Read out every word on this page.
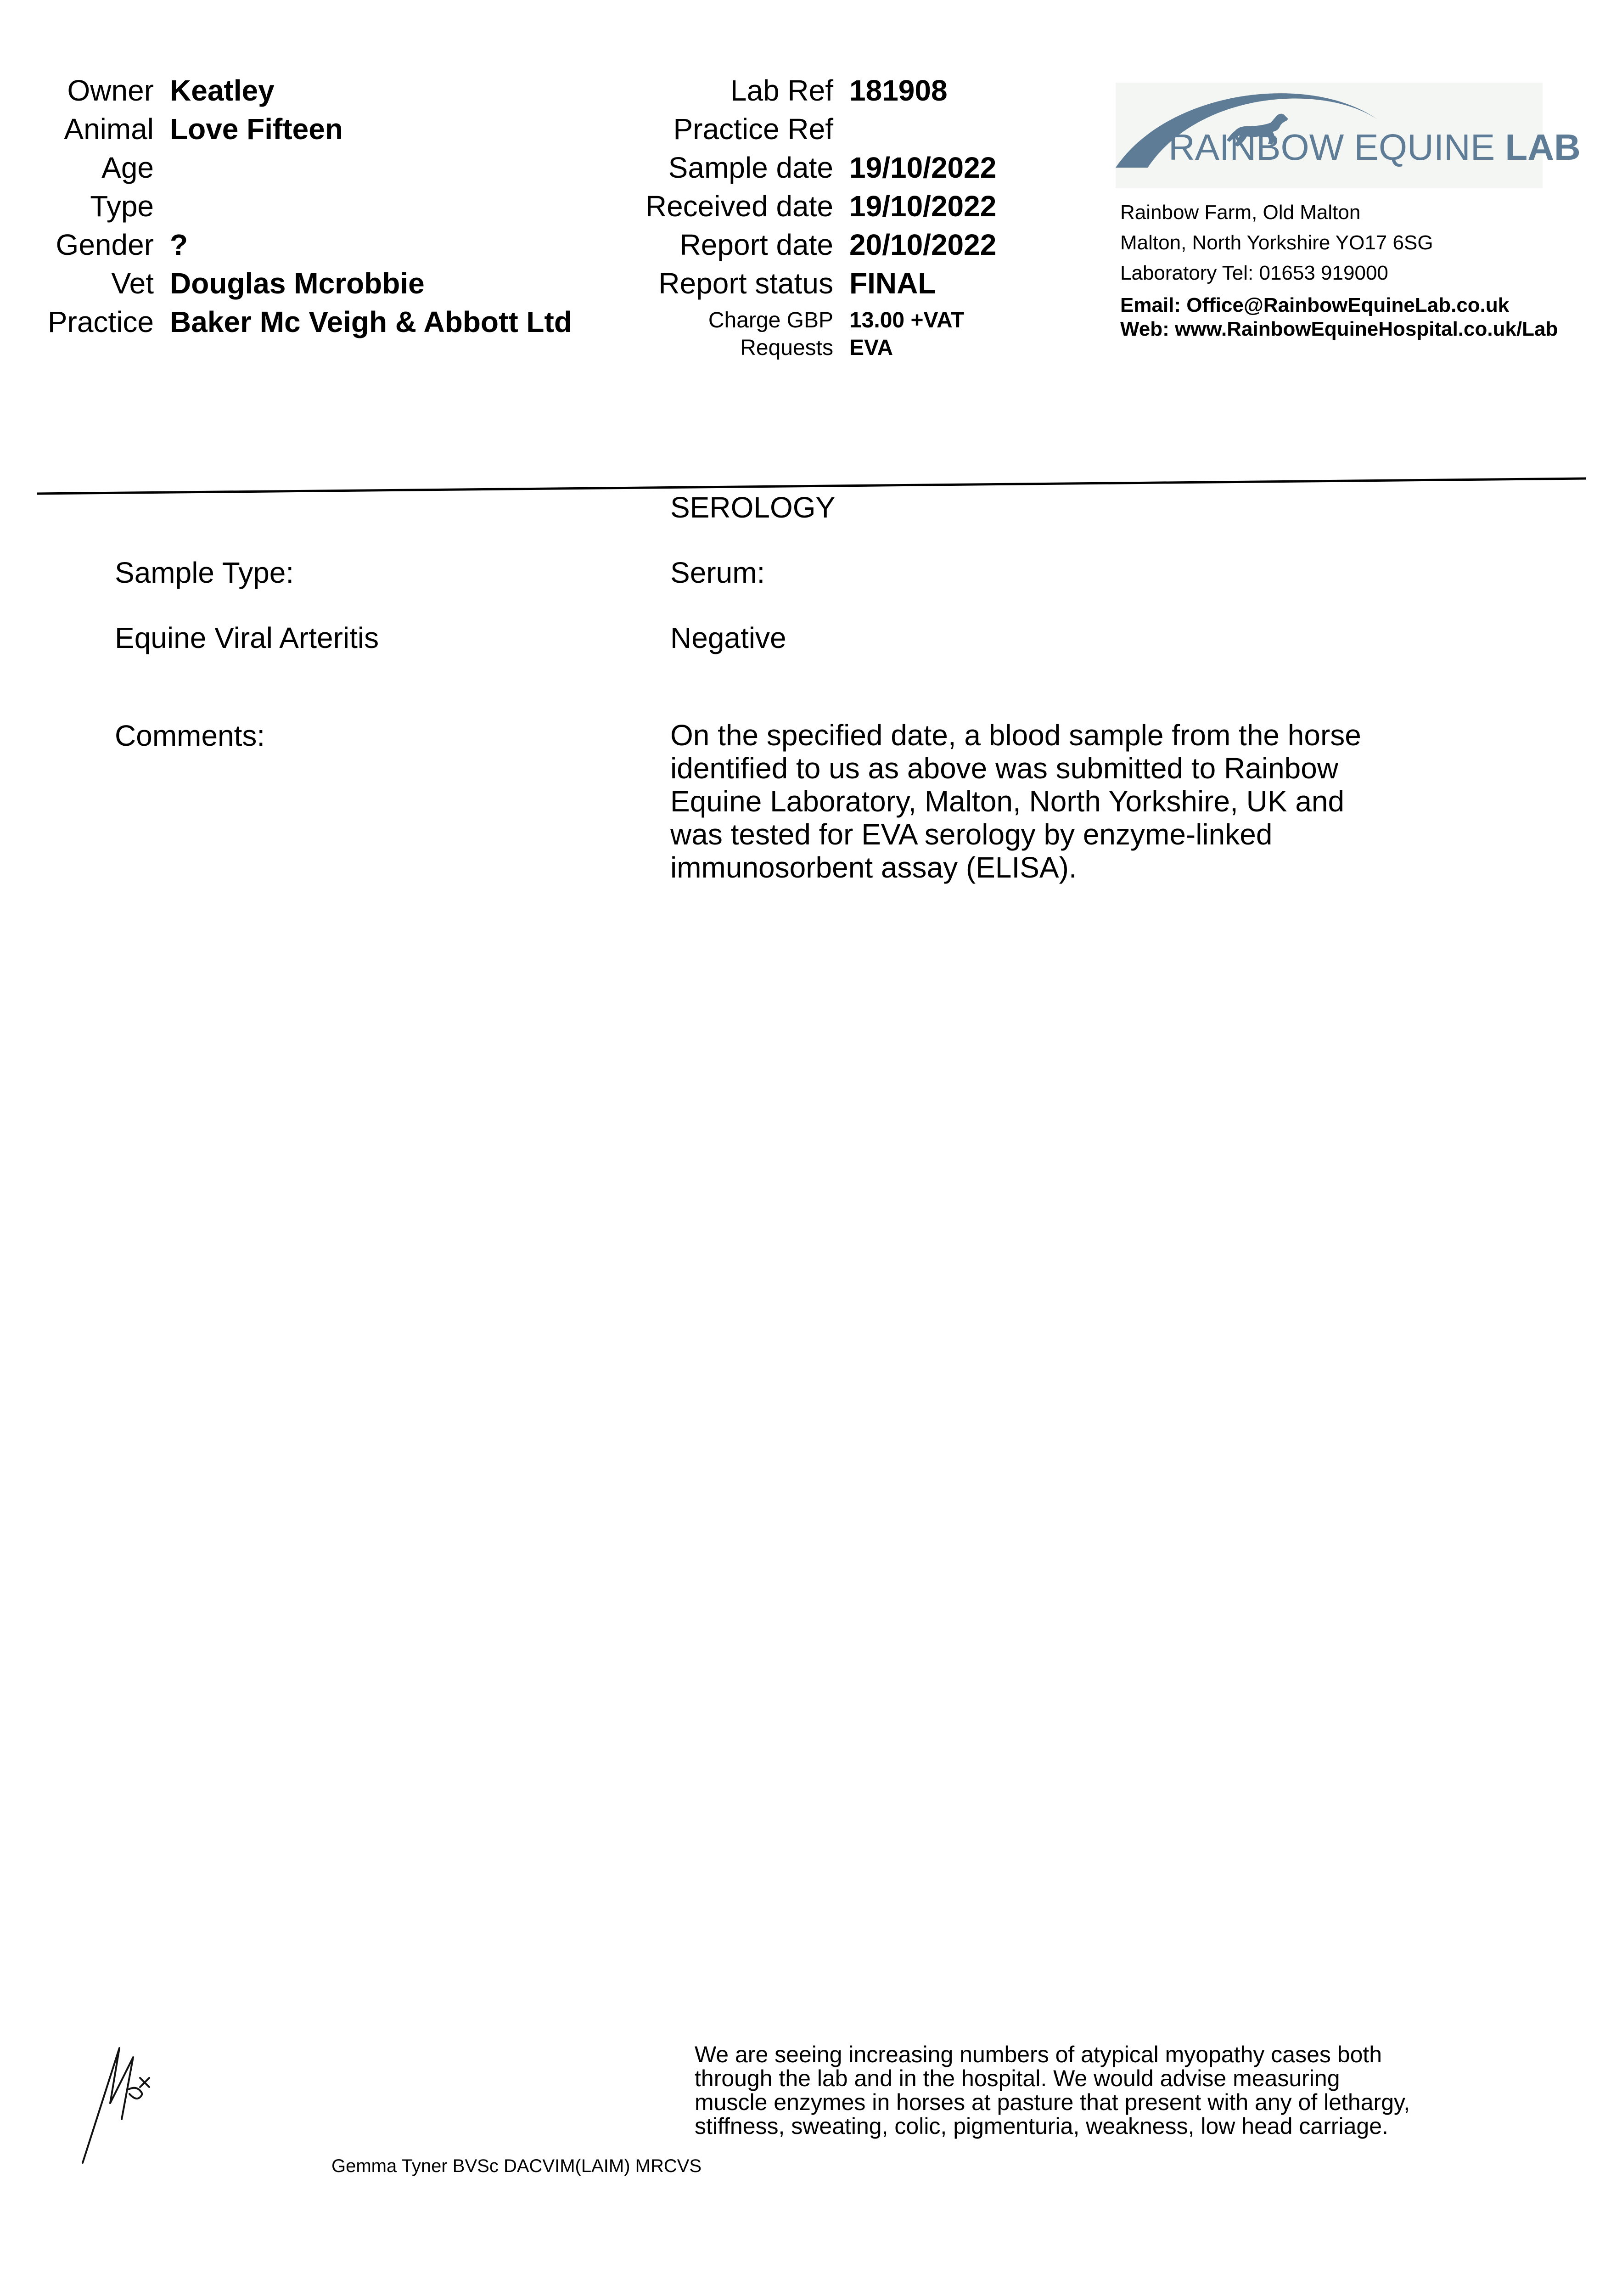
Owner Keatley
Animal Love Fifteen
Age
Type
Gender ?
Vet Douglas Mcrobbie
Practice Baker Mc Veigh & Abbott Ltd
Lab Ref 181908
Practice Ref
Sample date 19/10/2022
Received date 19/10/2022
Report date 20/10/2022
Report status FINAL
Charge GBP 13.00 +VAT
Requests EVA
RAINBOW EQUINE LAB
Rainbow Farm, Old Malton
Malton, North Yorkshire YO17 6SG
Laboratory Tel: 01653 919000
Email: Office@RainbowEquineLab.co.uk
Web: www.RainbowEquineHospital.co.uk/Lab
SEROLOGY
Sample Type:	Serum:
Equine Viral Arteritis	Negative
Comments:	On the specified date, a blood sample from the horse
identified to us as above was submitted to Rainbow
Equine Laboratory, Malton, North Yorkshire, UK and
was tested for EVA serology by enzyme-linked
immunosorbent assay (ELISA).
Gemma Tyner BVSc DACVIM(LAIM) MRCVS
We are seeing increasing numbers of atypical myopathy cases both
through the lab and in the hospital. We would advise measuring
muscle enzymes in horses at pasture that present with any of lethargy,
stiffness, sweating, colic, pigmenturia, weakness, low head carriage.
